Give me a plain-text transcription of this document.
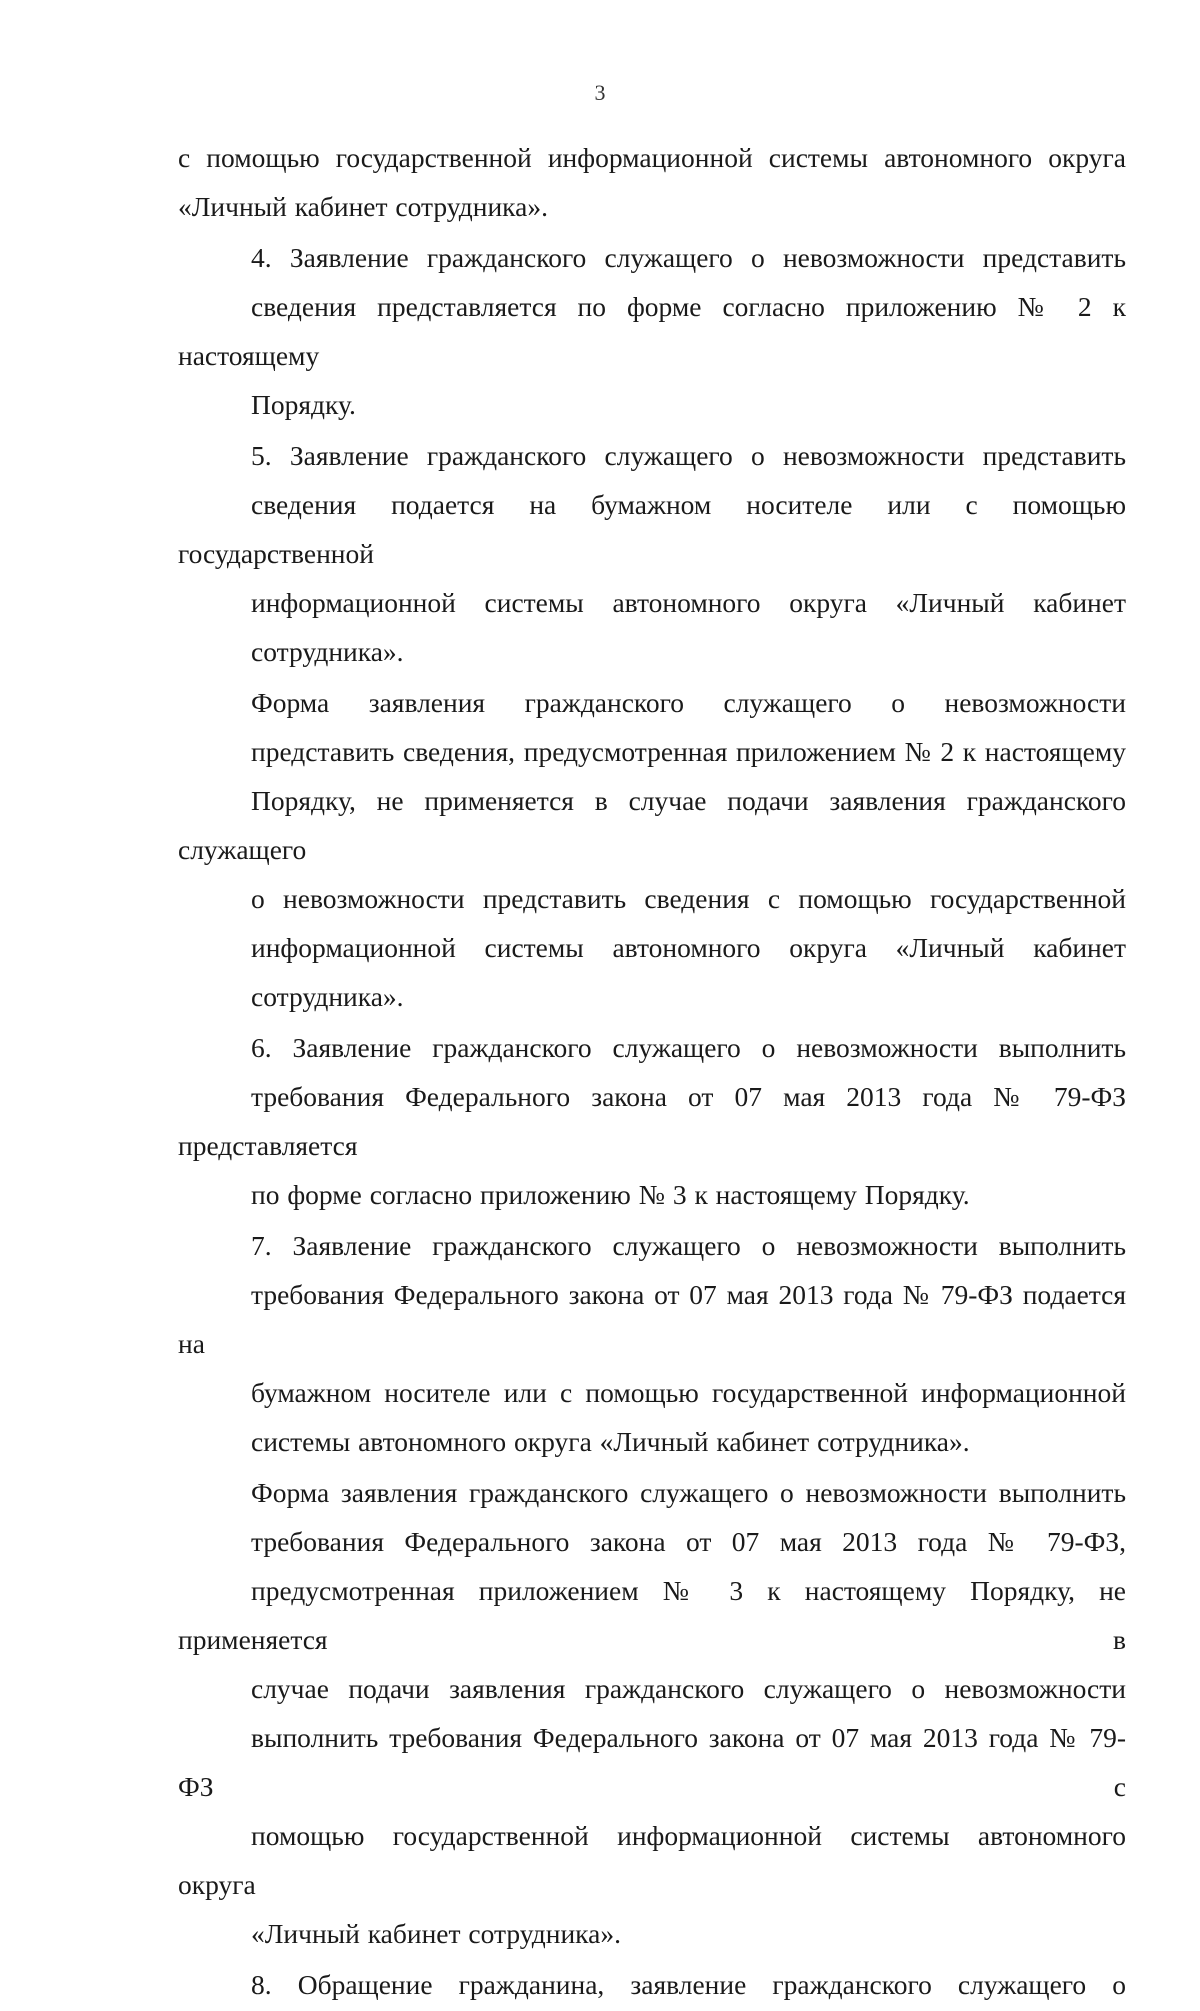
3

с помощью государственной информационной системы автономного округа
«Личный кабинет сотрудника».

4. Заявление гражданского служащего о невозможности представить
сведения представляется по форме согласно приложению № 2 к настоящему
Порядку.

5. Заявление гражданского служащего о невозможности представить
сведения подается на бумажном носителе или с помощью государственной
информационной системы автономного округа «Личный кабинет
сотрудника».

Форма заявления гражданского служащего о невозможности
представить сведения, предусмотренная приложением № 2 к настоящему
Порядку, не применяется в случае подачи заявления гражданского служащего
о невозможности представить сведения с помощью государственной
информационной системы автономного округа «Личный кабинет
сотрудника».

6. Заявление гражданского служащего о невозможности выполнить
требования Федерального закона от 07 мая 2013 года № 79-ФЗ представляется
по форме согласно приложению № 3 к настоящему Порядку.

7. Заявление гражданского служащего о невозможности выполнить
требования Федерального закона от 07 мая 2013 года № 79-ФЗ подается на
бумажном носителе или с помощью государственной информационной
системы автономного округа «Личный кабинет сотрудника».

Форма заявления гражданского служащего о невозможности выполнить
требования Федерального закона от 07 мая 2013 года № 79-ФЗ,
предусмотренная приложением № 3 к настоящему Порядку, не применяется в
случае подачи заявления гражданского служащего о невозможности
выполнить требования Федерального закона от 07 мая 2013 года № 79-ФЗ с
помощью государственной информационной системы автономного округа
«Личный кабинет сотрудника».

8. Обращение гражданина, заявление гражданского служащего о
